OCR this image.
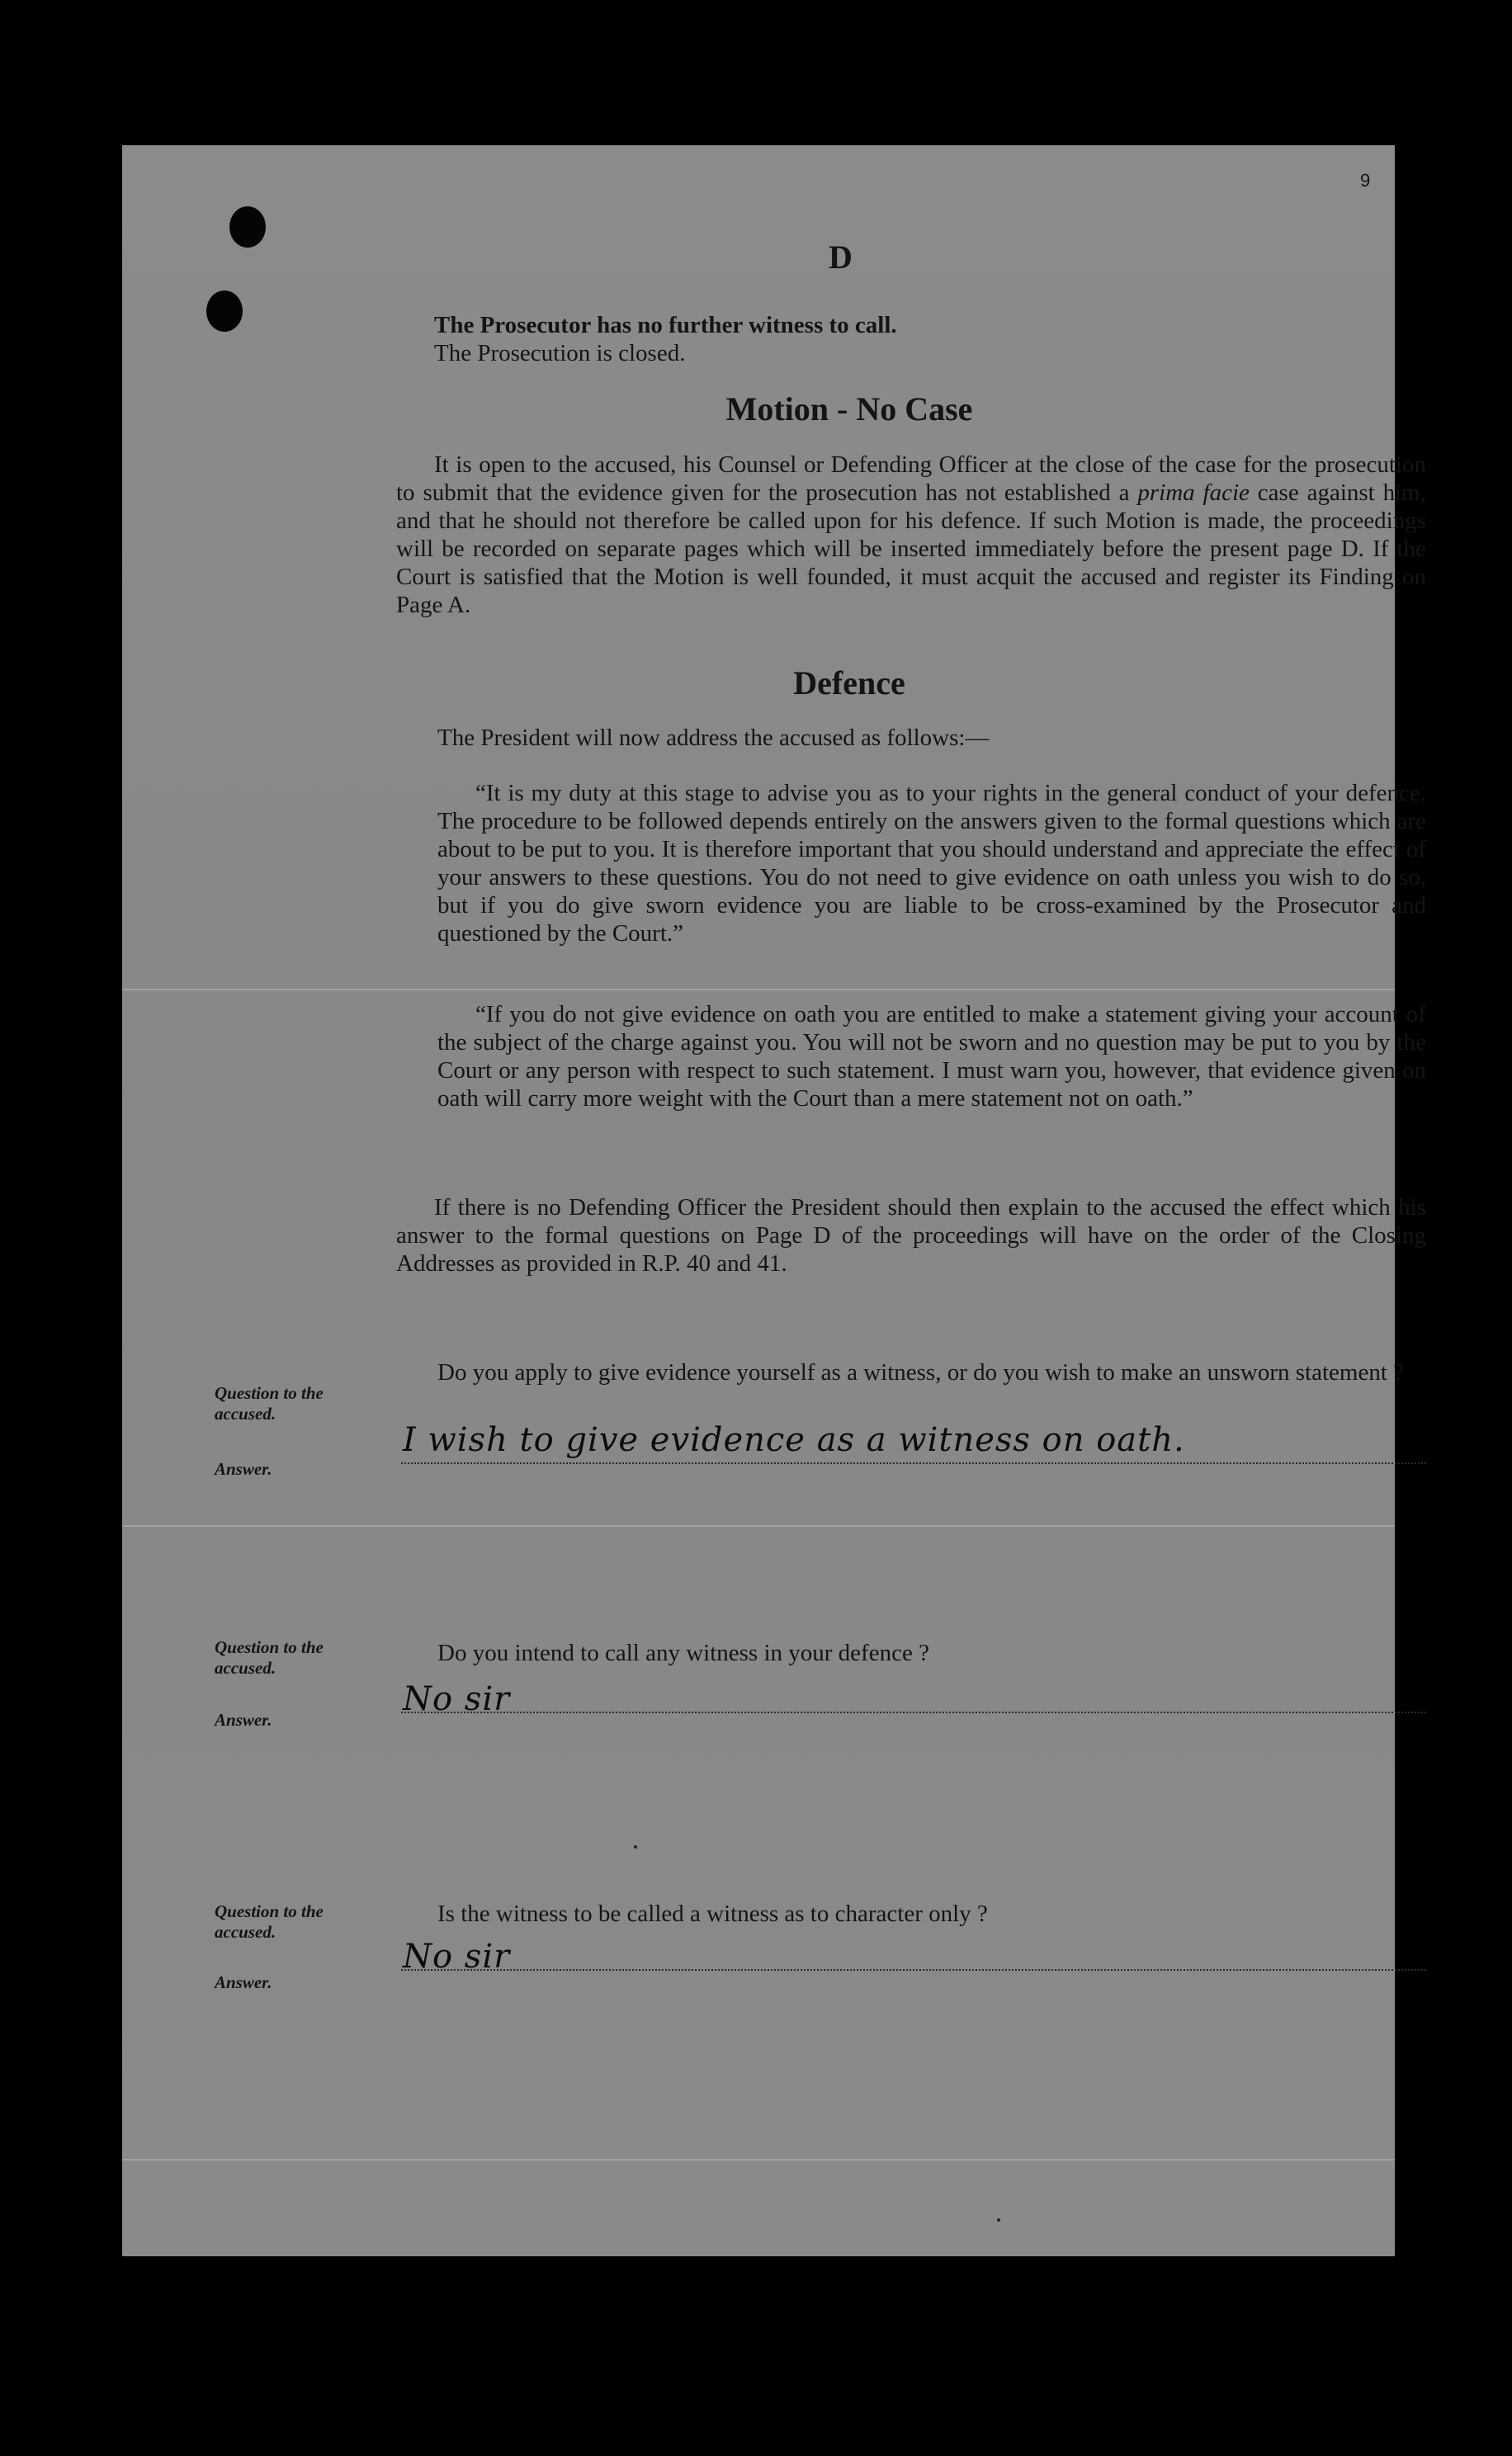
9
D
The Prosecutor has no further witness to call.
The Prosecution is closed.
Motion - No Case
It is open to the accused, his Counsel or Defending Officer at the close of the case for the prosecution to submit that the evidence given for the prosecution has not established a prima facie case against him, and that he should not therefore be called upon for his defence. If such Motion is made, the proceedings will be recorded on separate pages which will be inserted immediately before the present page D. If the Court is satisfied that the Motion is well founded, it must acquit the accused and register its Finding on Page A.
Defence
The President will now address the accused as follows:—
“It is my duty at this stage to advise you as to your rights in the general conduct of your defence. The procedure to be followed depends entirely on the answers given to the formal questions which are about to be put to you. It is therefore important that you should understand and appreciate the effect of your answers to these questions. You do not need to give evidence on oath unless you wish to do so, but if you do give sworn evidence you are liable to be cross-examined by the Prosecutor and questioned by the Court.”
“If you do not give evidence on oath you are entitled to make a statement giving your account of the subject of the charge against you. You will not be sworn and no question may be put to you by the Court or any person with respect to such statement. I must warn you, however, that evidence given on oath will carry more weight with the Court than a mere statement not on oath.”
If there is no Defending Officer the President should then explain to the accused the effect which his answer to the formal questions on Page D of the proceedings will have on the order of the Closing Addresses as provided in R.P. 40 and 41.
Do you apply to give evidence yourself as a witness, or do you wish to make an unsworn statement ?
Question to the accused.
Answer.
I wish to give evidence as a witness on oath.
Question to the accused.
Do you intend to call any witness in your defence ?
No sir
Answer.
Question to the accused.
Is the witness to be called a witness as to character only ?
No sir
Answer.
